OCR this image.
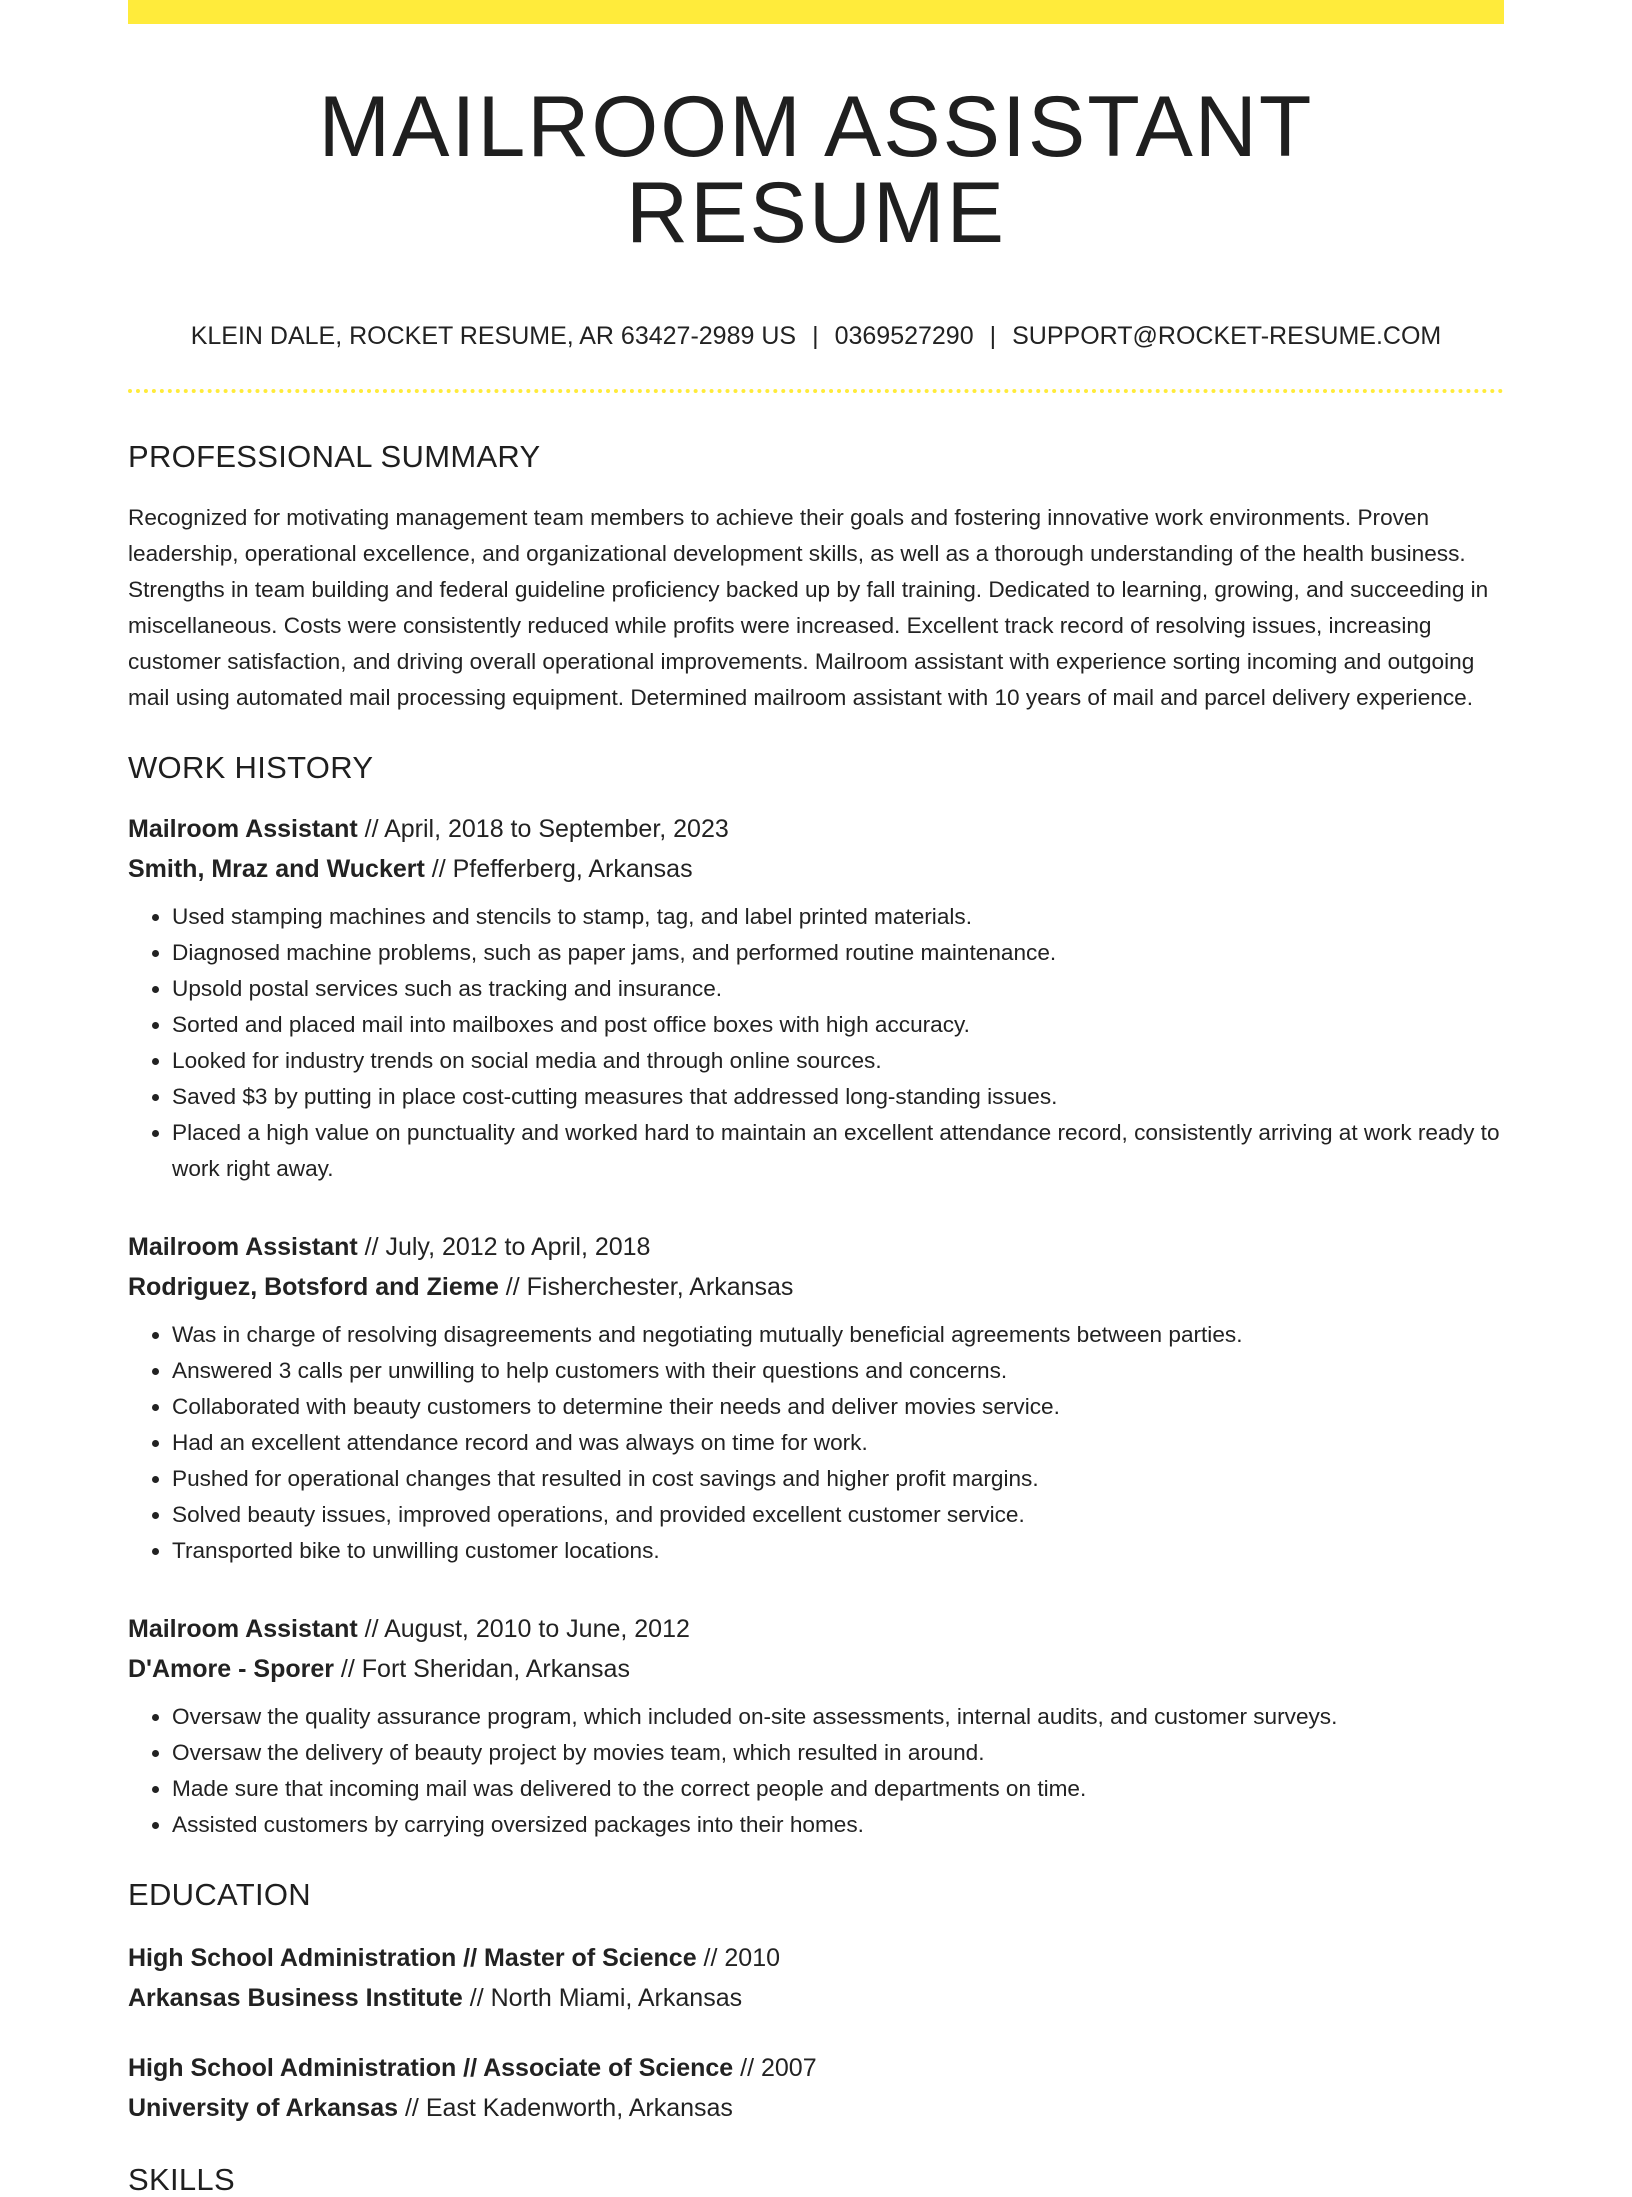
MAILROOM ASSISTANT RESUME
KLEIN DALE, ROCKET RESUME, AR 63427-2989 US | 0369527290 | SUPPORT@ROCKET-RESUME.COM
PROFESSIONAL SUMMARY
Recognized for motivating management team members to achieve their goals and fostering innovative work environments. Proven leadership, operational excellence, and organizational development skills, as well as a thorough understanding of the health business. Strengths in team building and federal guideline proficiency backed up by fall training. Dedicated to learning, growing, and succeeding in miscellaneous. Costs were consistently reduced while profits were increased. Excellent track record of resolving issues, increasing customer satisfaction, and driving overall operational improvements. Mailroom assistant with experience sorting incoming and outgoing mail using automated mail processing equipment. Determined mailroom assistant with 10 years of mail and parcel delivery experience.
WORK HISTORY
Mailroom Assistant // April, 2018 to September, 2023
Smith, Mraz and Wuckert // Pfefferberg, Arkansas
• Used stamping machines and stencils to stamp, tag, and label printed materials.
• Diagnosed machine problems, such as paper jams, and performed routine maintenance.
• Upsold postal services such as tracking and insurance.
• Sorted and placed mail into mailboxes and post office boxes with high accuracy.
• Looked for industry trends on social media and through online sources.
• Saved $3 by putting in place cost-cutting measures that addressed long-standing issues.
• Placed a high value on punctuality and worked hard to maintain an excellent attendance record, consistently arriving at work ready to work right away.
Mailroom Assistant // July, 2012 to April, 2018
Rodriguez, Botsford and Zieme // Fisherchester, Arkansas
• Was in charge of resolving disagreements and negotiating mutually beneficial agreements between parties.
• Answered 3 calls per unwilling to help customers with their questions and concerns.
• Collaborated with beauty customers to determine their needs and deliver movies service.
• Had an excellent attendance record and was always on time for work.
• Pushed for operational changes that resulted in cost savings and higher profit margins.
• Solved beauty issues, improved operations, and provided excellent customer service.
• Transported bike to unwilling customer locations.
Mailroom Assistant // August, 2010 to June, 2012
D'Amore - Sporer // Fort Sheridan, Arkansas
• Oversaw the quality assurance program, which included on-site assessments, internal audits, and customer surveys.
• Oversaw the delivery of beauty project by movies team, which resulted in around.
• Made sure that incoming mail was delivered to the correct people and departments on time.
• Assisted customers by carrying oversized packages into their homes.
EDUCATION
High School Administration // Master of Science // 2010
Arkansas Business Institute // North Miami, Arkansas
High School Administration // Associate of Science // 2007
University of Arkansas // East Kadenworth, Arkansas
SKILLS
